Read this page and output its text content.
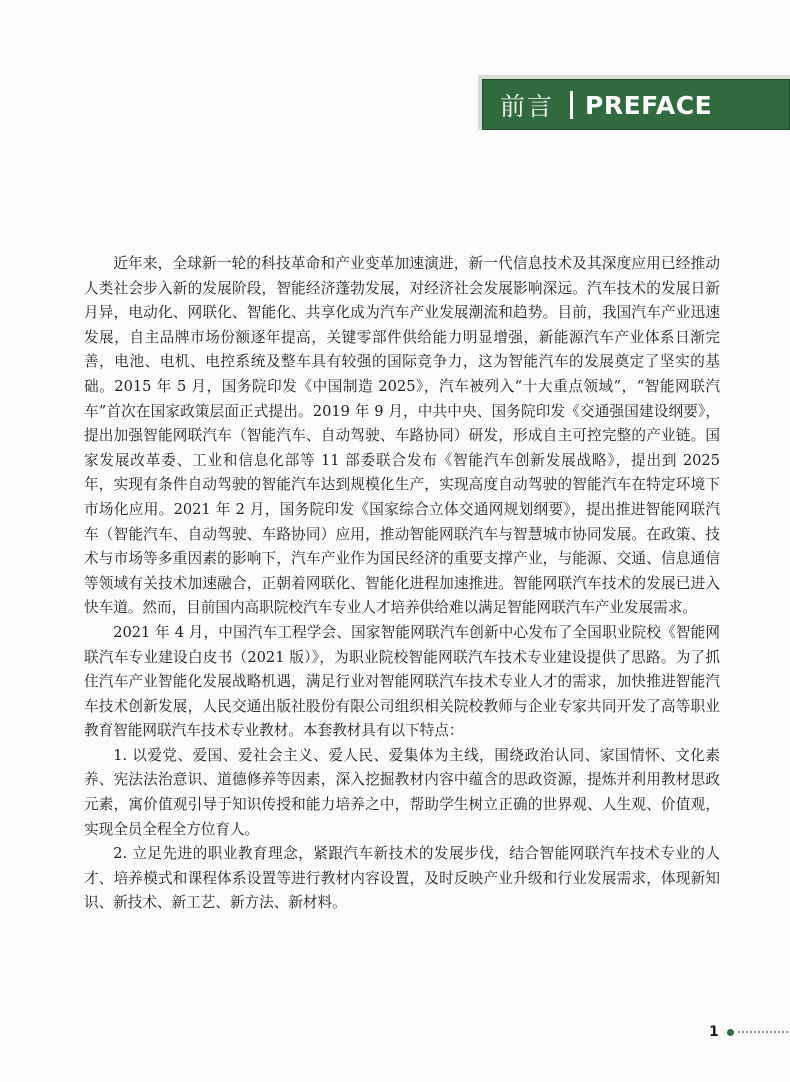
前言 PREFACE

近年来，全球新一轮的科技革命和产业变革加速演进，新一代信息技术及其深度应用已经推动人类社会步入新的发展阶段，智能经济蓬勃发展，对经济社会发展影响深远。汽车技术的发展日新月异，电动化、网联化、智能化、共享化成为汽车产业发展潮流和趋势。目前，我国汽车产业迅速发展，自主品牌市场份额逐年提高，关键零部件供给能力明显增强，新能源汽车产业体系日渐完善，电池、电机、电控系统及整车具有较强的国际竞争力，这为智能汽车的发展奠定了坚实的基础。2015 年 5 月，国务院印发《中国制造 2025》，汽车被列入“十大重点领域”，“智能网联汽车”首次在国家政策层面正式提出。2019 年 9 月，中共中央、国务院印发《交通强国建设纲要》，提出加强智能网联汽车（智能汽车、自动驾驶、车路协同）研发，形成自主可控完整的产业链。国家发展改革委、工业和信息化部等 11 部委联合发布《智能汽车创新发展战略》，提出到 2025 年，实现有条件自动驾驶的智能汽车达到规模化生产，实现高度自动驾驶的智能汽车在特定环境下市场化应用。2021 年 2 月，国务院印发《国家综合立体交通网规划纲要》，提出推进智能网联汽车（智能汽车、自动驾驶、车路协同）应用，推动智能网联汽车与智慧城市协同发展。在政策、技术与市场等多重因素的影响下，汽车产业作为国民经济的重要支撑产业，与能源、交通、信息通信等领域有关技术加速融合，正朝着网联化、智能化进程加速推进。智能网联汽车技术的发展已进入快车道。然而，目前国内高职院校汽车专业人才培养供给难以满足智能网联汽车产业发展需求。

2021 年 4 月，中国汽车工程学会、国家智能网联汽车创新中心发布了全国职业院校《智能网联汽车专业建设白皮书（2021 版）》，为职业院校智能网联汽车技术专业建设提供了思路。为了抓住汽车产业智能化发展战略机遇，满足行业对智能网联汽车技术专业人才的需求，加快推进智能汽车技术创新发展，人民交通出版社股份有限公司组织相关院校教师与企业专家共同开发了高等职业教育智能网联汽车技术专业教材。本套教材具有以下特点：

1. 以爱党、爱国、爱社会主义、爱人民、爱集体为主线，围绕政治认同、家国情怀、文化素养、宪法法治意识、道德修养等因素，深入挖掘教材内容中蕴含的思政资源，提炼并利用教材思政元素，寓价值观引导于知识传授和能力培养之中，帮助学生树立正确的世界观、人生观、价值观，实现全员全程全方位育人。

2. 立足先进的职业教育理念，紧跟汽车新技术的发展步伐，结合智能网联汽车技术专业的人才、培养模式和课程体系设置等进行教材内容设置，及时反映产业升级和行业发展需求，体现新知识、新技术、新工艺、新方法、新材料。

1
